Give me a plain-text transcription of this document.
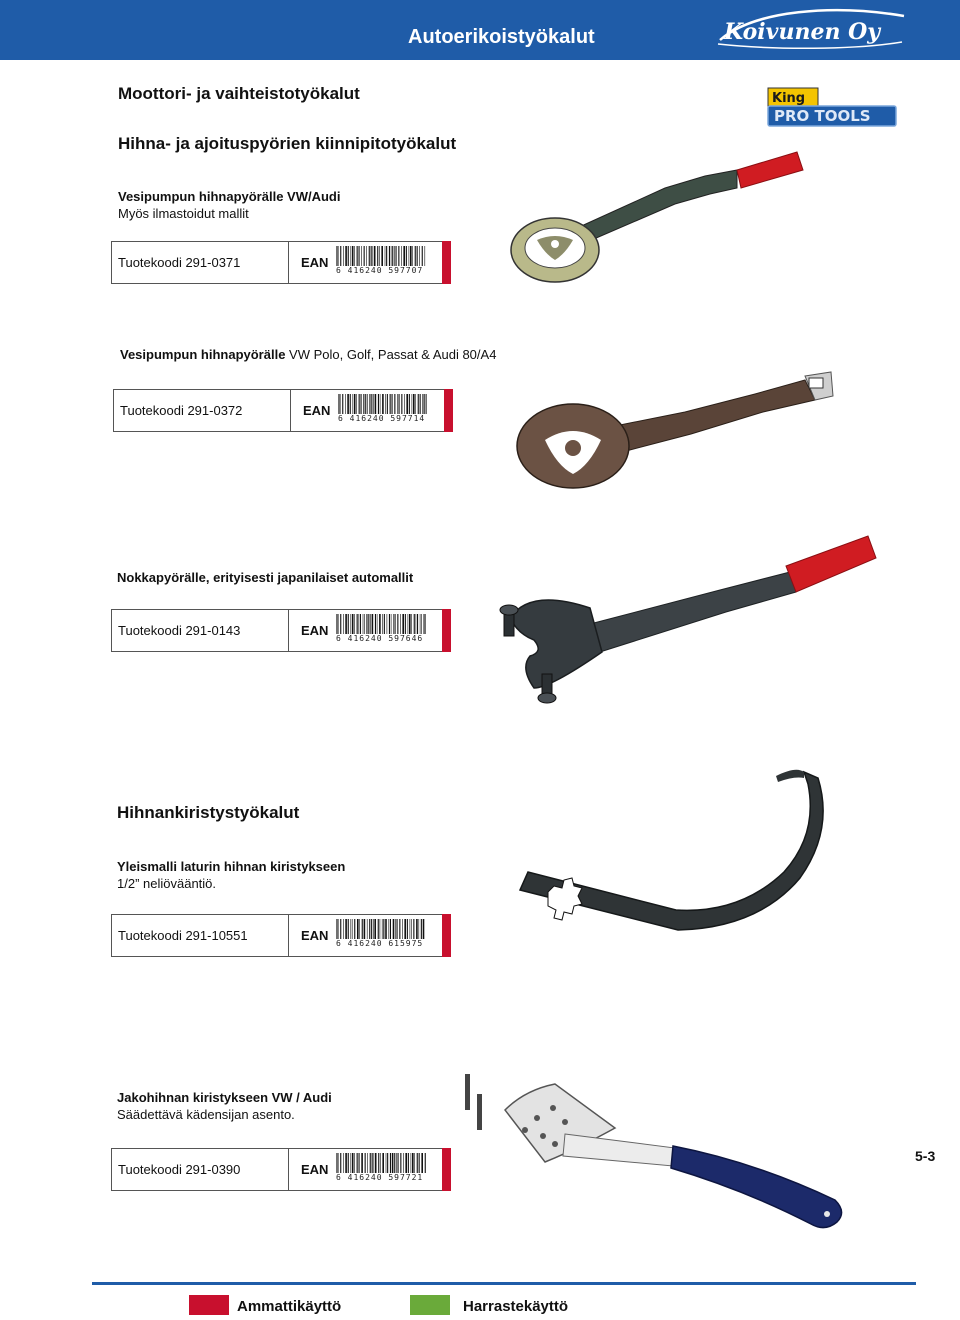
Autoerikoistyökalut	Koivunen Oy
King
PRO TOOLS
Moottori- ja vaihteistotyökalut
Hihna- ja ajoituspyörien kiinnipitotyökalut
Vesipumpun hihnapyörälle VW/Audi
Myös ilmastoidut mallit
Tuotekoodi 291-0371	EAN
6 416240 597707
Vesipumpun hihnapyörälle VW Polo, Golf, Passat & Audi 80/A4
Tuotekoodi 291-0372	EAN
6 416240 597714
Nokkapyörälle, erityisesti japanilaiset automallit
Tuotekoodi 291-0143	EAN
6 416240 597646
Hihnankiristystyökalut
Yleismalli laturin hihnan kiristykseen
1/2” neliövääntiö.
Tuotekoodi 291-10551	EAN
6 416240 615975
Jakohihnan kiristykseen VW / Audi
Säädettävä kädensijan asento.
Tuotekoodi 291-0390	EAN
6 416240 597721
5-3
Ammattikäyttö	Harrastekäyttö
